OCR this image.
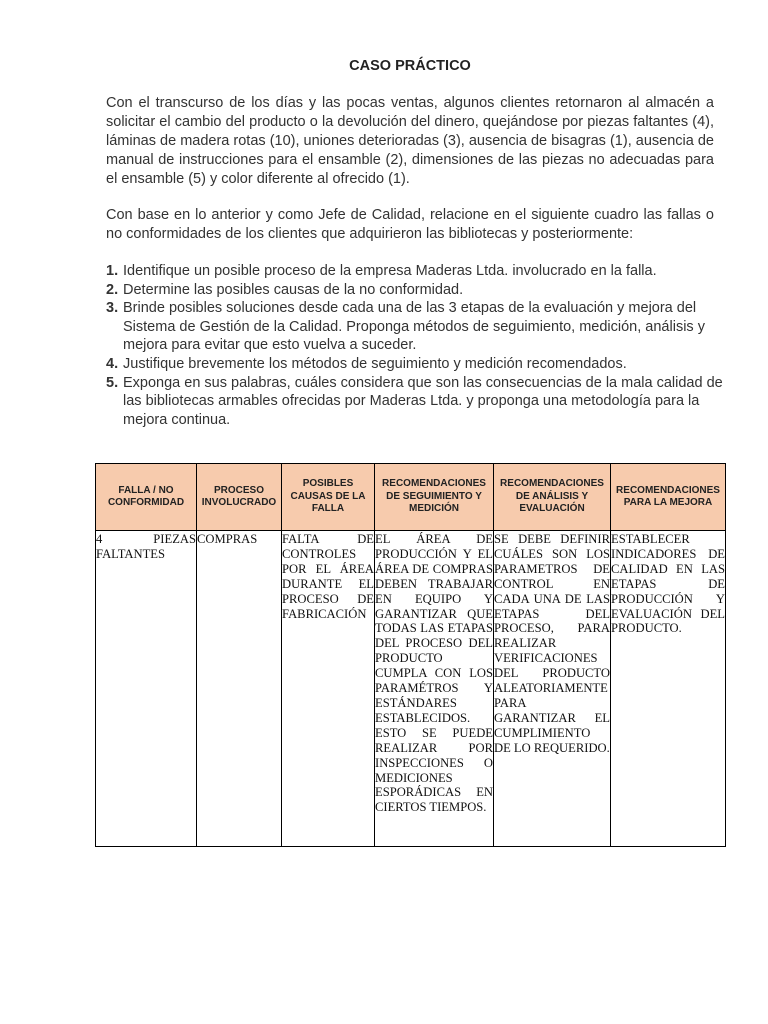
CASO PRÁCTICO
Con el transcurso de los días y las pocas ventas, algunos clientes retornaron al almacén a solicitar el cambio del producto o la devolución del dinero, quejándose por piezas faltantes (4), láminas de madera rotas (10), uniones deterioradas (3), ausencia de bisagras (1), ausencia de manual de instrucciones para el ensamble (2), dimensiones de las piezas no adecuadas para el ensamble (5) y color diferente al ofrecido (1).
Con base en lo anterior y como Jefe de Calidad, relacione en el siguiente cuadro las fallas o no conformidades de los clientes que adquirieron las bibliotecas y posteriormente:
1. Identifique un posible proceso de la empresa Maderas Ltda. involucrado en la falla.
2. Determine las posibles causas de la no conformidad.
3. Brinde posibles soluciones desde cada una de las 3 etapas de la evaluación y mejora del Sistema de Gestión de la Calidad. Proponga métodos de seguimiento, medición, análisis y mejora para evitar que esto vuelva a suceder.
4. Justifique brevemente los métodos de seguimiento y medición recomendados.
5. Exponga en sus palabras, cuáles considera que son las consecuencias de la mala calidad de las bibliotecas armables ofrecidas por Maderas Ltda. y proponga una metodología para la mejora continua.
FALLA / NO CONFORMIDAD	PROCESO INVOLUCRADO	POSIBLES CAUSAS DE LA FALLA	RECOMENDACIONES DE SEGUIMIENTO Y MEDICIÓN	RECOMENDACIONES DE ANÁLISIS Y EVALUACIÓN	RECOMENDACIONES PARA LA MEJORA

4 PIEZAS FALTANTES	COMPRAS	FALTA DE CONTROLES POR EL ÁREA DURANTE EL PROCESO DE FABRICACIÓN	EL ÁREA DE PRODUCCIÓN Y EL ÁREA DE COMPRAS DEBEN TRABAJAR EN EQUIPO Y GARANTIZAR QUE TODAS LAS ETAPAS DEL PROCESO DEL PRODUCTO CUMPLA CON LOS PARAMÉTROS Y ESTÁNDARES ESTABLECIDOS. ESTO SE PUEDE REALIZAR POR INSPECCIONES O MEDICIONES ESPORÁDICAS EN CIERTOS TIEMPOS.	SE DEBE DEFINIR CUÁLES SON LOS PARAMETROS DE CONTROL EN CADA UNA DE LAS ETAPAS DEL PROCESO, PARA REALIZAR VERIFICACIONES DEL PRODUCTO ALEATORIAMENTE PARA GARANTIZAR EL CUMPLIMIENTO DE LO REQUERIDO.	ESTABLECER INDICADORES DE CALIDAD EN LAS ETAPAS DE PRODUCCIÓN Y EVALUACIÓN DEL PRODUCTO.
